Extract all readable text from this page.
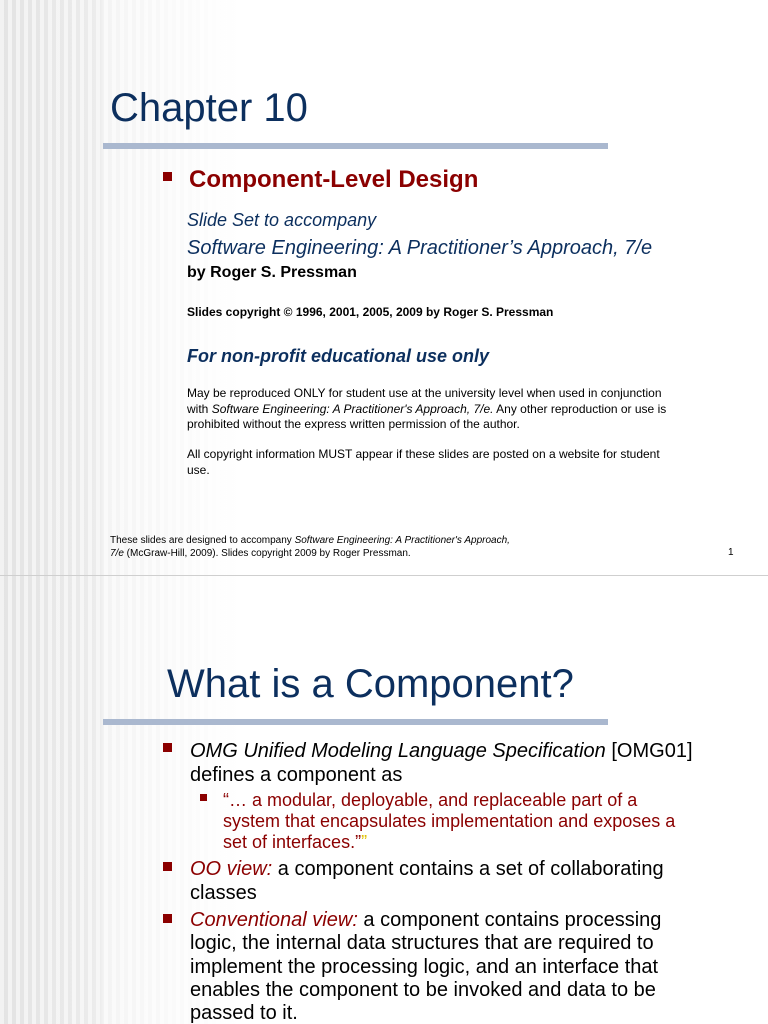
Chapter 10

Component-Level Design

Slide Set to accompany

Software Engineering: A Practitioner’s Approach, 7/e

by Roger S. Pressman

Slides copyright © 1996, 2001, 2005, 2009 by Roger S. Pressman

For non-profit educational use only

May be reproduced ONLY for student use at the university level when used in conjunction
with Software Engineering: A Practitioner's Approach, 7/e. Any other reproduction or use is
prohibited without the express written permission of the author.
All copyright information MUST appear if these slides are posted on a website for student
use.
These slides are designed to accompany Software Engineering: A Practitioner's Approach,
7/e (McGraw-Hill, 2009). Slides copyright 2009 by Roger Pressman.	1

What is a Component?
OMG Unified Modeling Language Specification [OMG01]
defines a component as
“… a modular, deployable, and replaceable part of a
system that encapsulates implementation and exposes a
set of interfaces.””
OO view: a component contains a set of collaborating
classes
Conventional view: a component contains processing
logic, the internal data structures that are required to
implement the processing logic, and an interface that
enables the component to be invoked and data to be
passed to it.
